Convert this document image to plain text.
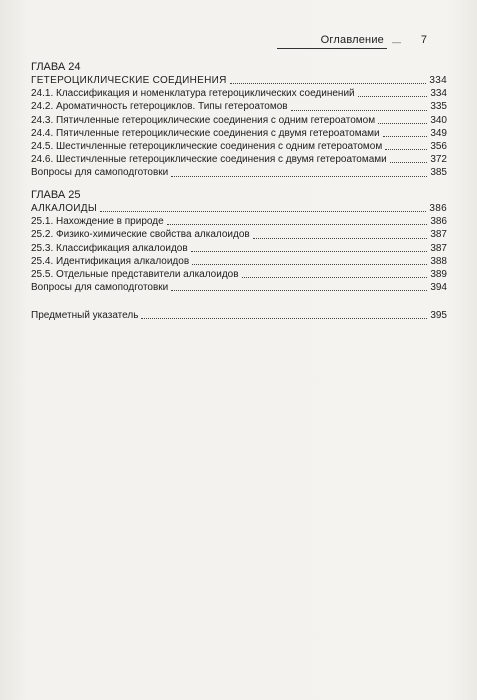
Оглавление — 7
ГЛАВА 24
ГЕТЕРОЦИКЛИЧЕСКИЕ СОЕДИНЕНИЯ	334
24.1. Классификация и номенклатура гетероциклических соединений	334
24.2. Ароматичность гетероциклов. Типы гетероатомов	335
24.3. Пятичленные гетероциклические соединения с одним гетероатомом	340
24.4. Пятичленные гетероциклические соединения с двумя гетероатомами	349
24.5. Шестичленные гетероциклические соединения с одним гетероатомом	356
24.6. Шестичленные гетероциклические соединения с двумя гетероатомами	372
Вопросы для самоподготовки	385
ГЛАВА 25
АЛКАЛОИДЫ	386
25.1. Нахождение в природе	386
25.2. Физико-химические свойства алкалоидов	387
25.3. Классификация алкалоидов	387
25.4. Идентификация алкалоидов	388
25.5. Отдельные представители алкалоидов	389
Вопросы для самоподготовки	394
Предметный указатель	395
